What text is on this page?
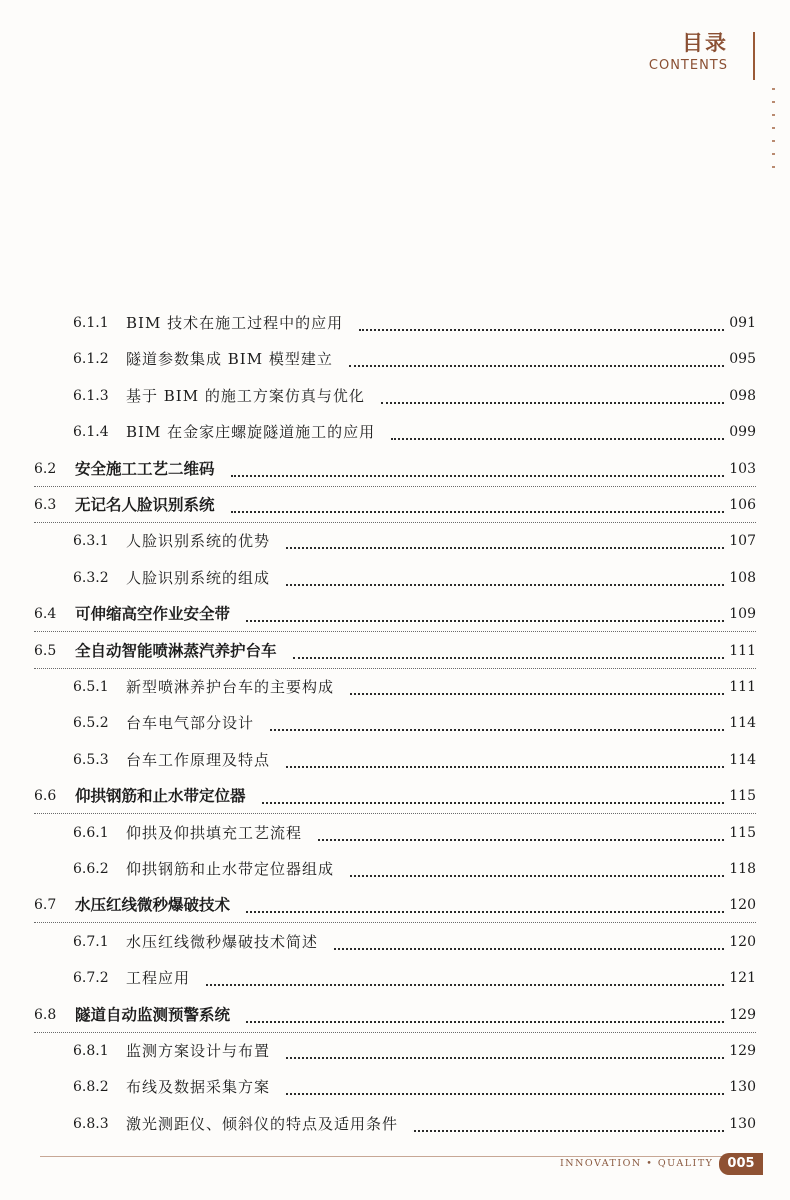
目录
CONTENTS
6.1.1 BIM 技术在施工过程中的应用	091
6.1.2 隧道参数集成 BIM 模型建立	095
6.1.3 基于 BIM 的施工方案仿真与优化	098
6.1.4 BIM 在金家庄螺旋隧道施工的应用	099
6.2 安全施工工艺二维码	103
6.3 无记名人脸识别系统	106
6.3.1 人脸识别系统的优势	107
6.3.2 人脸识别系统的组成	108
6.4 可伸缩高空作业安全带	109
6.5 全自动智能喷淋蒸汽养护台车	111
6.5.1 新型喷淋养护台车的主要构成	111
6.5.2 台车电气部分设计	114
6.5.3 台车工作原理及特点	114
6.6 仰拱钢筋和止水带定位器	115
6.6.1 仰拱及仰拱填充工艺流程	115
6.6.2 仰拱钢筋和止水带定位器组成	118
6.7 水压红线微秒爆破技术	120
6.7.1 水压红线微秒爆破技术简述	120
6.7.2 工程应用	121
6.8 隧道自动监测预警系统	129
6.8.1 监测方案设计与布置	129
6.8.2 布线及数据采集方案	130
6.8.3 激光测距仪、倾斜仪的特点及适用条件	130
INNOVATION • QUALITY	005
